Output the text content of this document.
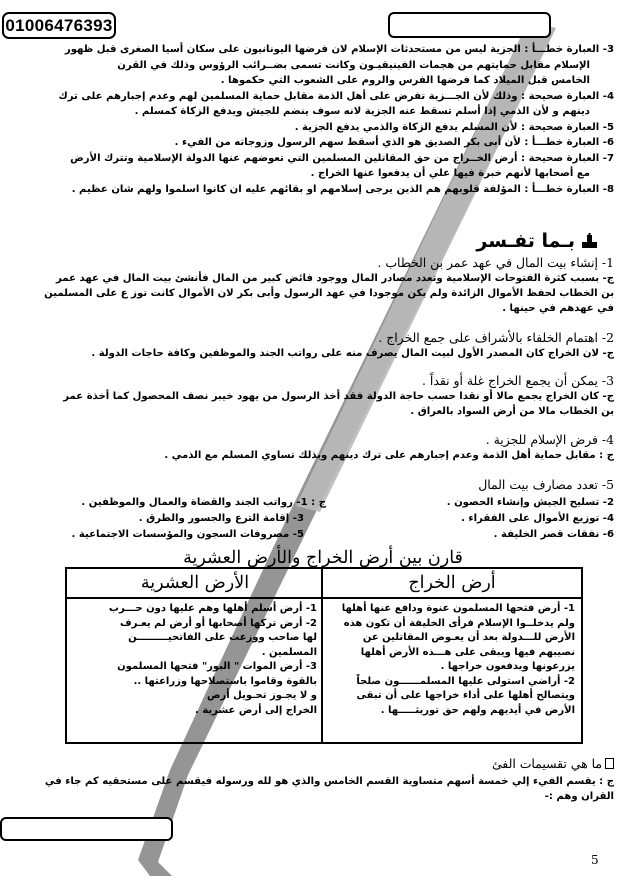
01006476393

3- العبارة خطـــأ : الجزية ليس من مستحدثات الإسلام لان فرضها اليونانيون على سكان أسيا الصغرى قبل ظهور

الإسلام مقابل حمايتهم من هجمات الفينيقيـون وكانت تسمى بضــرائب الرؤوس وذلك في القرن

الخامس قبل الميلاد كما فرضها الفرس والروم على الشعوب التي حكموها .

4- العبارة صحيحة : وذلك لأن الجـــزية تفرض على أهل الذمة مقابل حماية المسلمين لهم وعدم إجبارهم على ترك

دينهم و لأن الذمي إذا أسلم تسقط عنه الجزية لانه سوف ينضم للجيش ويدفع الزكاة كمسلم .

5- العبارة صحيحة : لأن المسلم يدفع الزكاة والذمي يدفع الجزية .

6- العبارة خطـــأ : لأن أبى بكر الصديق هو الذي أسقط سهم الرسول وزوجاته من الفيء .

7- العبارة صحيحة : أرض الخــراج من حق المقاتلين المسلمين التي تعوضهم عنها الدولة الإسلامية وتترك الأرض

مع أصحابها لأنهم خبرة فيها علي أن يدفعوا عنها الخراج .

8- العبارة خطـــأ : المؤلفة قلوبهم هم الذين يرجى إسلامهم او بقائهم عليه ان كانوا اسلموا ولهم شان عظيم .

بـما تفـسر
1- إنشاء بيت المال في عهد عمر بن الخطاب .
ج- بسبب كثرة الفتوحات الإسلامية وتعدد مصادر المال ووجود فائض كبير من المال فأنشئ بيت المال في عهد عمر
بن الخطاب لحفظ الأموال الزائدة ولم يكن موجودا في عهد الرسول وأبى بكر لان الأموال كانت توز ع على المسلمين
في عهدهم في حينها .
2- اهتمام الخلفاء بالأشراف على جمع الخراج .
ج- لان الخراج كان المصدر الأول لبيت المال يصرف منه على رواتب الجند والموظفين وكافة حاجات الدولة .
3- يمكن أن يجمع الخراج غلة أو نقداً .
ج- كان الخراج يجمع مالا أو نقدا حسب حاجة الدولة فقد أخذ الرسول من يهود خيبر نصف المحصول كما أخذة عمر
بن الخطاب مالا من أرض السواد بالعراق .
4- فرض الإسلام للجزية .
ج : مقابل حماية أهل الذمة وعدم إجبارهم على ترك دينهم وبذلك تساوي المسلم مع الذمي .
5- تعدد مصارف بيت المال
ج : 1- رواتب الجند والقضاة والعمال والموظفين .	2- تسليح الجيش وإنشاء الحصون .
3- إقامة الترع والجسور والطرق .	4- توزيع الأموال على الفقراء .
5- مصروفات السجون والمؤسسات الاجتماعية .	6- نفقات قصر الخليفة .
قارن بين أرض الخراج والأرض العشرية
أرض الخراج
1- أرض فتحها المسلمون عنوة ودافع عنها أهلها
ولم يدخلــوا الإسلام فرأى الخليفة أن تكون هذه
الأرض للـــدولة بعد أن يعـوض المقاتلين عن
نصيبهم فيها ويبقى على هـــذه الأرض أهلها
يزرعونها ويدفعون خراجها .
2- أراضي استولى عليها المسلمــــــون صلحاً
ويتصالح أهلها على أداء خراجها على أن تبقى
الأرض في أيديهم ولهم حق توريثـــــها .
الأرض العشرية
1- أرض أسلم أهلها وهم عليها دون حـــرب
2- أرض تركها أصحابها أو أرض لم يعـرف
لها صاحب ووزعت على الفاتحيـــــــــن
المسلمين .
3- أرض الموات " البور" فتحها المسلمون
بالقوة وقاموا باستصلاحها وزراعتها ..
و لا يجـوز تحـويل أرض
الخراج إلى أرض عشرية .
ما هي تقسيمات الفئ
ج : يقسم الفيء إلي خمسة أسهم متساوية القسم الخامس والذي هو لله ورسوله فيقسم على مستحقيه كم جاء في
القران وهم :-
5
